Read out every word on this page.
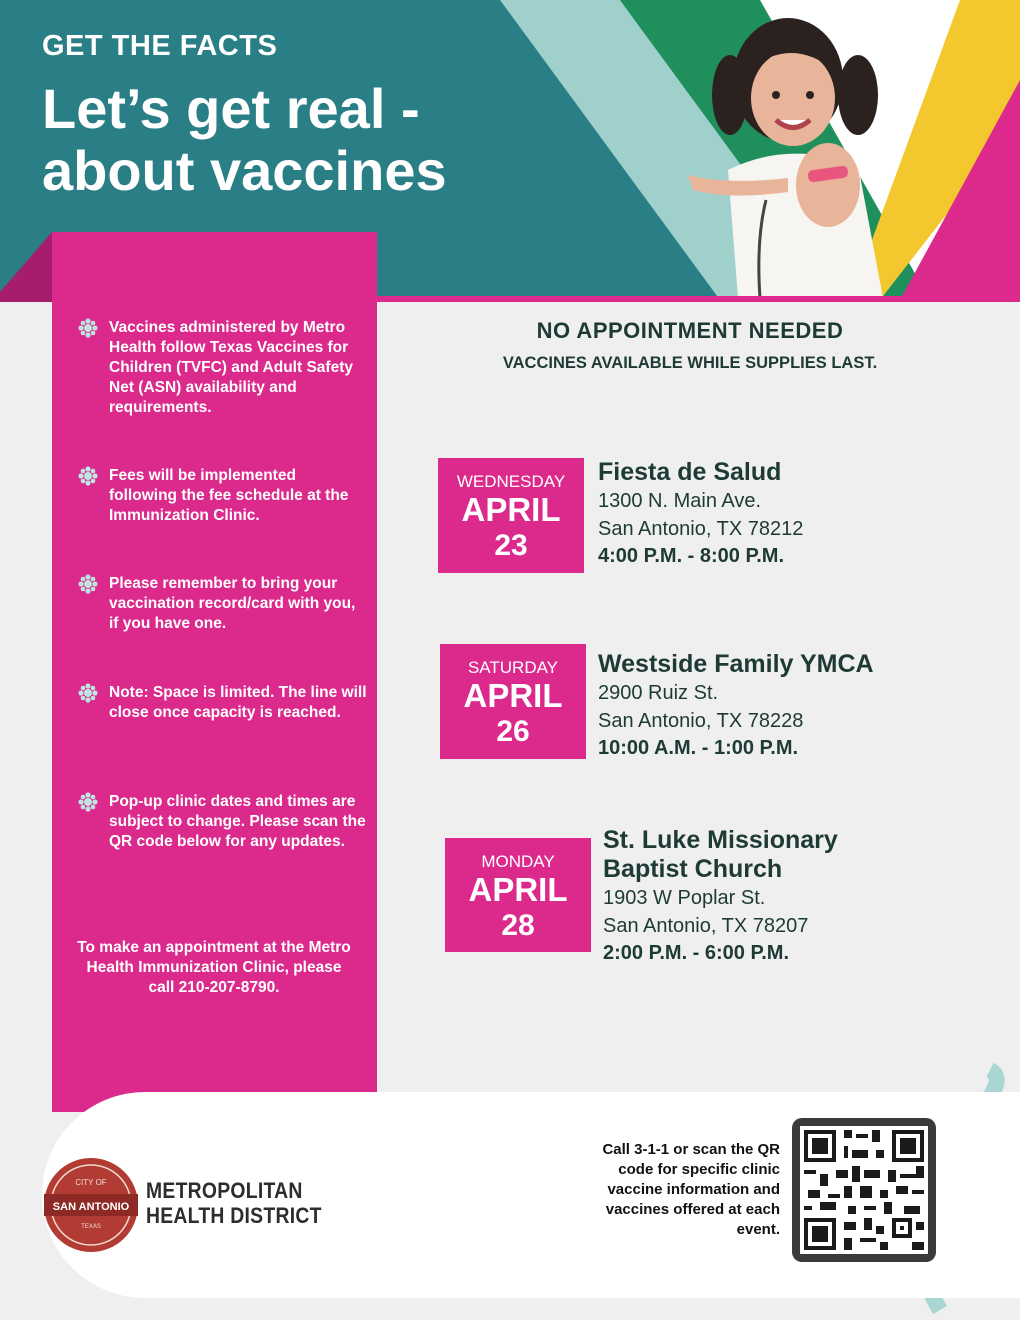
GET THE FACTS
Let’s get real - about vaccines
Vaccines administered by Metro Health follow Texas Vaccines for Children (TVFC) and Adult Safety Net (ASN) availability and requirements.
Fees will be implemented following the fee schedule at the Immunization Clinic.
Please remember to bring your vaccination record/card with you, if you have one.
Note: Space is limited. The line will close once capacity is reached.
Pop-up clinic dates and times are subject to change. Please scan the QR code below for any updates.
To make an appointment at the Metro Health Immunization Clinic, please call 210-207-8790.
NO APPOINTMENT NEEDED
VACCINES AVAILABLE WHILE SUPPLIES LAST.
WEDNESDAY
APRIL
23
Fiesta de Salud
1300 N. Main Ave.
San Antonio, TX 78212
4:00 P.M. - 8:00 P.M.
SATURDAY
APRIL
26
Westside Family YMCA
2900 Ruiz St.
San Antonio, TX 78228
10:00 A.M. - 1:00 P.M.
MONDAY
APRIL
28
St. Luke Missionary Baptist Church
1903 W Poplar St.
San Antonio, TX 78207
2:00 P.M. - 6:00 P.M.
CITY OF
SAN ANTONIO
TEXAS
METROPOLITAN
HEALTH DISTRICT
Call 3-1-1 or scan the QR code for specific clinic vaccine information and vaccines offered at each event.
